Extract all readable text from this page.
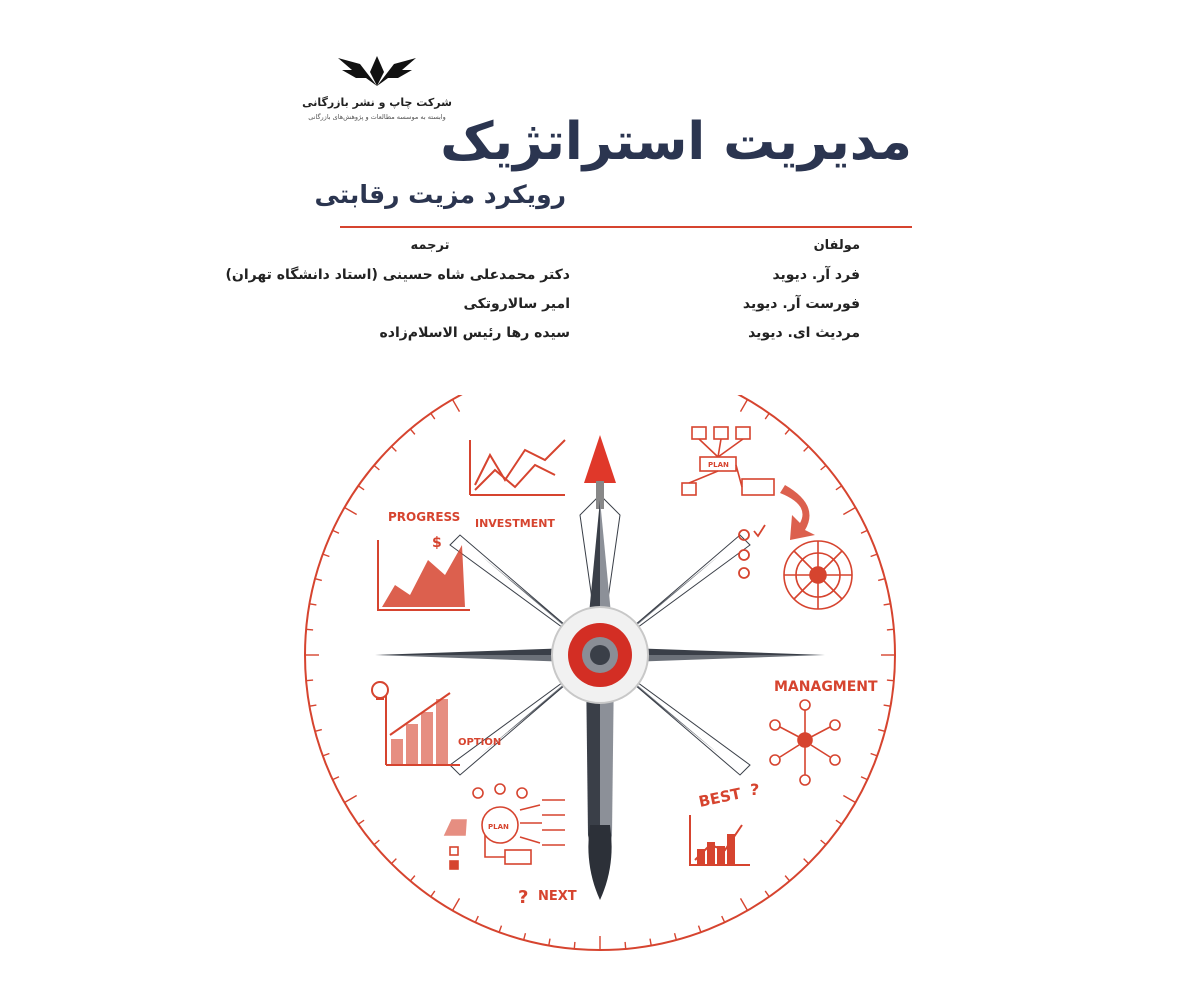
شرکت چاپ و نشر بازرگانی
وابسته به موسسه مطالعات و پژوهش‌های بازرگانی
مدیریت استراتژیک
رویکرد مزیت رقابتی
مولفان
فرد آر. دیوید
فورست آر. دیوید
مردیث ای. دیوید
ترجمه
دکتر محمدعلی شاه حسینی (استاد دانشگاه تهران)
امیر سالاروتکی
سیده رها رئیس الاسلام‌زاده
INVESTMENT
PROGRESS
$
OPTION
PLAN
MANAGMENT
BEST ?
PLAN
? NEXT
